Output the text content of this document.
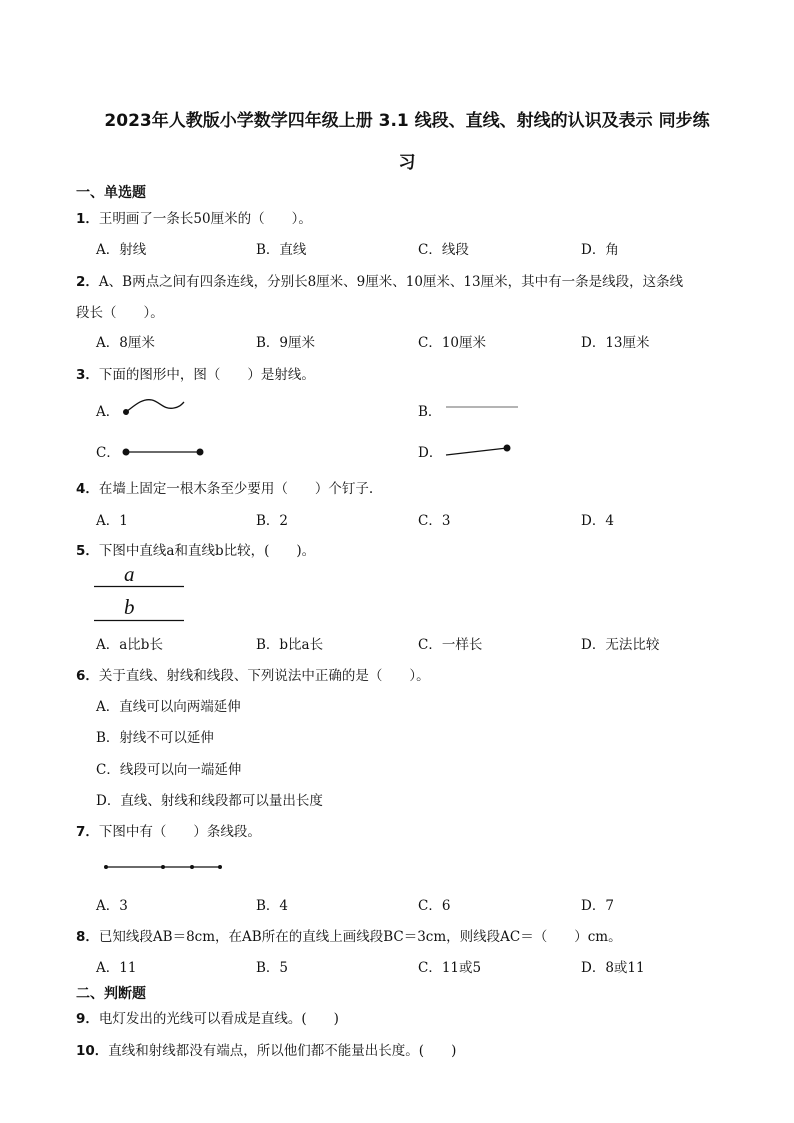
2023年人教版小学数学四年级上册 3.1 线段、直线、射线的认识及表示 同步练
习
一、单选题
1．王明画了一条长50厘米的（　　）。
A．射线	B．直线	C．线段	D．角
2．A、B两点之间有四条连线，分别长8厘米、9厘米、10厘米、13厘米，其中有一条是线段，这条线
段长（　　）。
A．8厘米	B．9厘米	C．10厘米	D．13厘米
3．下面的图形中，图（　　）是射线。
A．	B．
C．	D．
4．在墙上固定一根木条至少要用（　　）个钉子.
A．1	B．2	C．3	D．4
5．下图中直线a和直线b比较，(　　)。
a
b
A．a比b长	B．b比a长	C．一样长	D．无法比较
6．关于直线、射线和线段、下列说法中正确的是（　　）。
A．直线可以向两端延伸
B．射线不可以延伸
C．线段可以向一端延伸
D．直线、射线和线段都可以量出长度
7．下图中有（　　）条线段。
A．3	B．4	C．6	D．7
8．已知线段AB＝8cm，在AB所在的直线上画线段BC＝3cm，则线段AC＝（　　）cm。
A．11	B．5	C．11或5	D．8或11
二、判断题
9．电灯发出的光线可以看成是直线。(　　)
10．直线和射线都没有端点，所以他们都不能量出长度。(　　)
